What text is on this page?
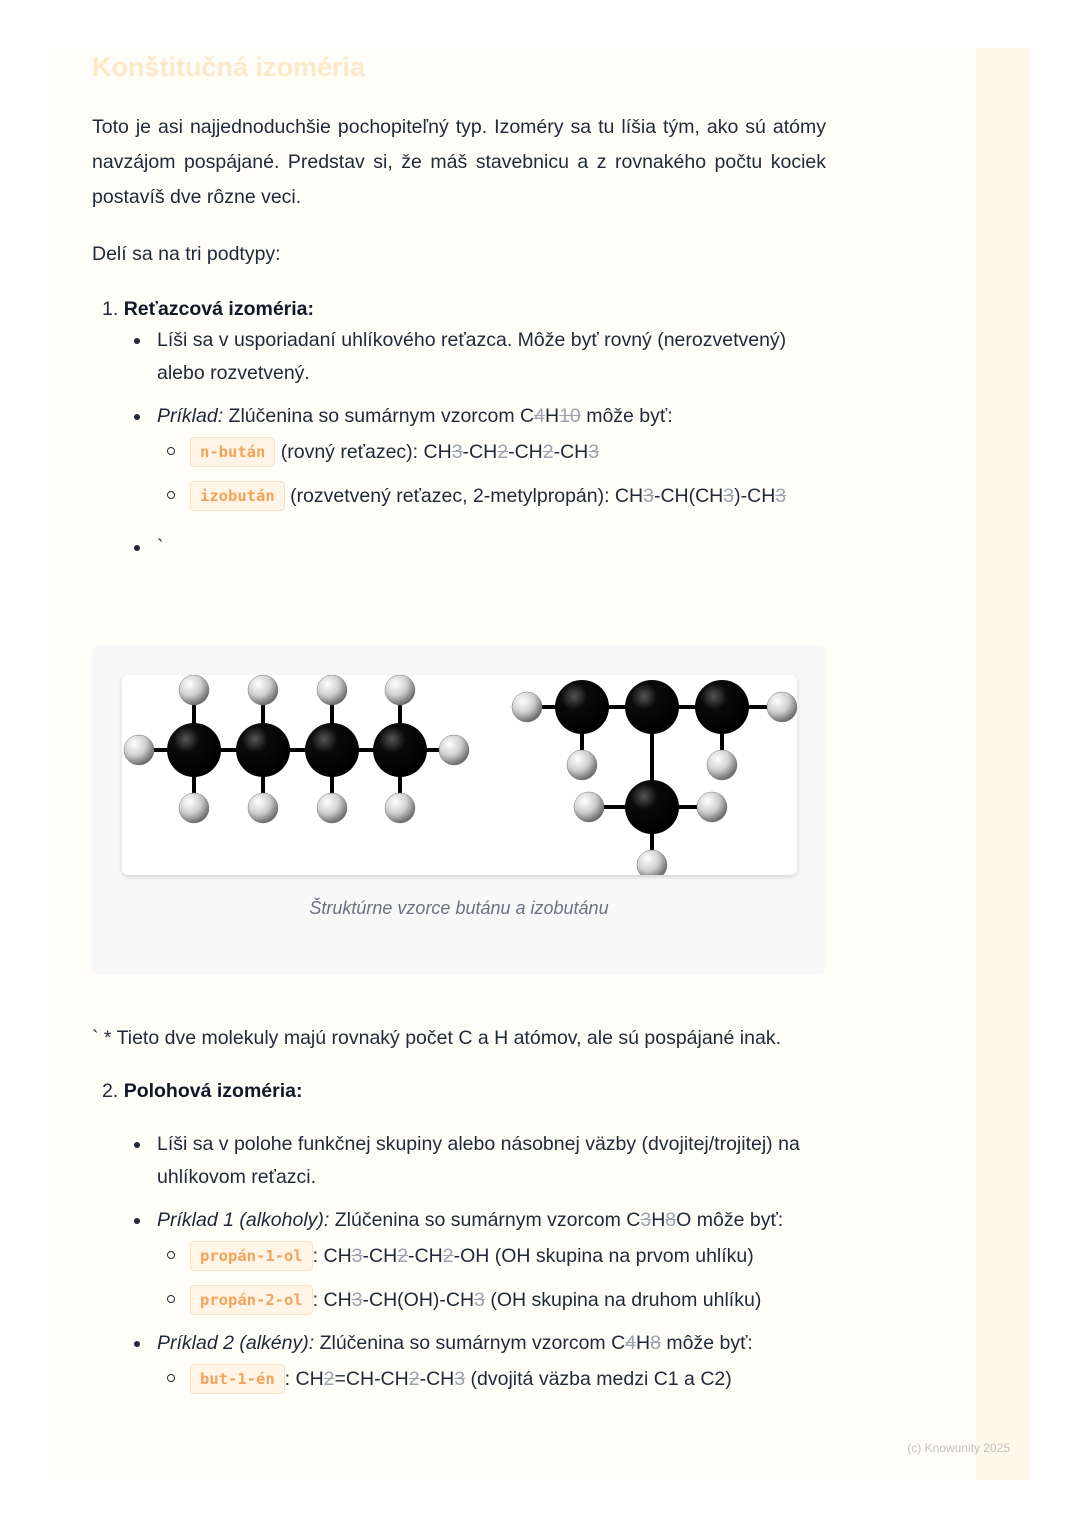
Konštitučná izoméria

Toto je asi najjednoduchšie pochopiteľný typ. Izoméry sa tu líšia tým, ako sú atómy navzájom pospájané. Predstav si, že máš stavebnicu a z rovnakého počtu kociek postavíš dve rôzne veci.

Delí sa na tri podtypy:

1. Reťazcová izoméria:

Líši sa v usporiadaní uhlíkového reťazca. Môže byť rovný (nerozvetvený) alebo rozvetvený.
Príklad: Zlúčenina so sumárnym vzorcom C4H10 môže byť:
n-bután (rovný reťazec): CH3-CH2-CH2-CH3
izobután (rozvetvený reťazec, 2-metylpropán): CH3-CH(CH3)-CH3
`
Štruktúrne vzorce butánu a izobutánu

` * Tieto dve molekuly majú rovnaký počet C a H atómov, ale sú pospájané inak.

2. Polohová izoméria:

Líši sa v polohe funkčnej skupiny alebo násobnej väzby (dvojitej/trojitej) na uhlíkovom reťazci.
Príklad 1 (alkoholy): Zlúčenina so sumárnym vzorcom C3H8O môže byť:
propán-1-ol : CH3-CH2-CH2-OH (OH skupina na prvom uhlíku)
propán-2-ol : CH3-CH(OH)-CH3 (OH skupina na druhom uhlíku)
Príklad 2 (alkény): Zlúčenina so sumárnym vzorcom C4H8 môže byť:
but-1-én : CH2=CH-CH2-CH3 (dvojitá väzba medzi C1 a C2)
(c) Knowunity 2025
